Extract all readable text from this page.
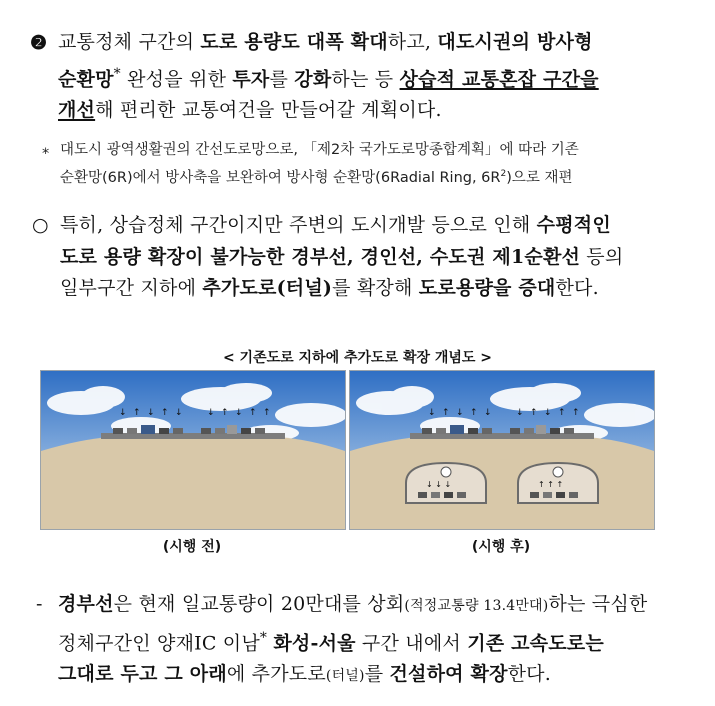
❷ 교통정체 구간의 도로 용량도 대폭 확대하고, 대도시권의 방사형
순환망* 완성을 위한 투자를 강화하는 등 상습적 교통혼잡 구간을
개선해 편리한 교통여건을 만들어갈 계획이다.
* 대도시 광역생활권의 간선도로망으로, 「제2차 국가도로망종합계획」에 따라 기존
순환망(6R)에서 방사축을 보완하여 방사형 순환망(6Radial Ring, $6R^2$)으로 재편
○ 특히, 상습정체 구간이지만 주변의 도시개발 등으로 인해 수평적인
도로 용량 확장이 불가능한 경부선, 경인선, 수도권 제1순환선 등의
일부구간 지하에 추가도로(터널)를 확장해 도로용량을 증대한다.
< 기존도로 지하에 추가도로 확장 개념도 >
↓ ↑ ↓ ↑ ↓	↓ ↑ ↓ ↑ ↑	↓ ↑ ↓ ↑ ↓	↓ ↑ ↓ ↑ ↑
↓ ↓ ↓	↑ ↑ ↑
(시행 전)	(시행 후)
- 경부선은 현재 일교통량이 20만대를 상회(적정교통량 13.4만대)하는 극심한
정체구간인 양재IC 이남* 화성-서울 구간 내에서 기존 고속도로는
그대로 두고 그 아래에 추가도로(터널)를 건설하여 확장한다.
